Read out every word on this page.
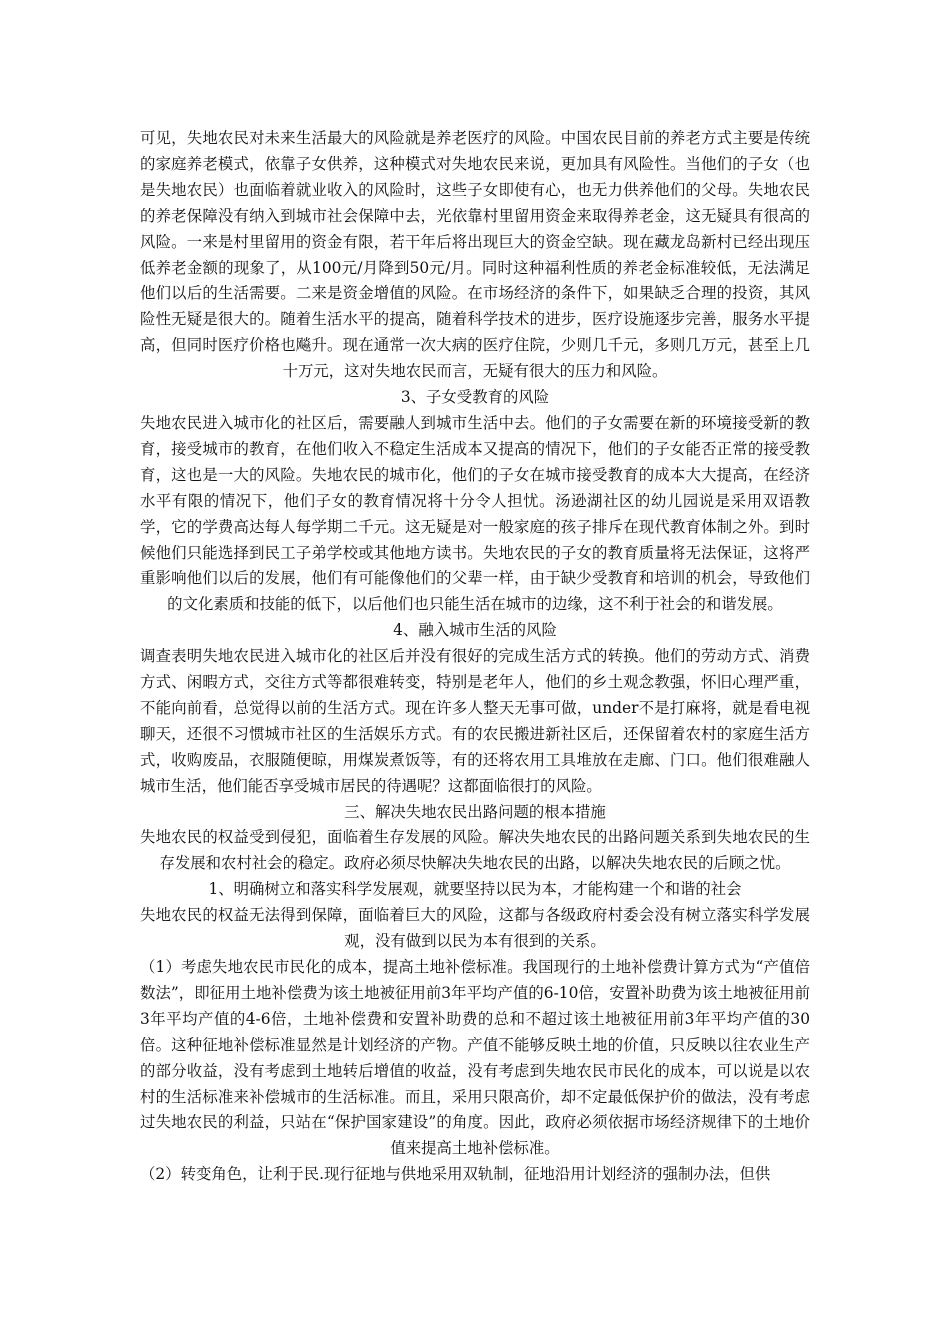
可见，失地农民对未来生活最大的风险就是养老医疗的风险。中国农民目前的养老方式主要是传统的家庭养老模式，依靠子女供养，这种模式对失地农民来说，更加具有风险性。当他们的子女（也是失地农民）也面临着就业收入的风险时，这些子女即使有心，也无力供养他们的父母。失地农民的养老保障没有纳入到城市社会保障中去，光依靠村里留用资金来取得养老金，这无疑具有很高的风险。一来是村里留用的资金有限，若干年后将出现巨大的资金空缺。现在藏龙岛新村已经出现压低养老金额的现象了，从100元/月降到50元/月。同时这种福利性质的养老金标准较低，无法满足他们以后的生活需要。二来是资金增值的风险。在市场经济的条件下，如果缺乏合理的投资，其风险性无疑是很大的。随着生活水平的提高，随着科学技术的进步，医疗设施逐步完善，服务水平提高，但同时医疗价格也飚升。现在通常一次大病的医疗住院，少则几千元，多则几万元，甚至上几十万元，这对失地农民而言，无疑有很大的压力和风险。

3、子女受教育的风险

失地农民进入城市化的社区后，需要融人到城市生活中去。他们的子女需要在新的环境接受新的教育，接受城市的教育，在他们收入不稳定生活成本又提高的情况下，他们的子女能否正常的接受教育，这也是一大的风险。失地农民的城市化，他们的子女在城市接受教育的成本大大提高，在经济水平有限的情况下，他们子女的教育情况将十分令人担忧。汤逊湖社区的幼儿园说是采用双语教学，它的学费高达每人每学期二千元。这无疑是对一般家庭的孩子排斥在现代教育体制之外。到时候他们只能选择到民工子弟学校或其他地方读书。失地农民的子女的教育质量将无法保证，这将严重影响他们以后的发展，他们有可能像他们的父辈一样，由于缺少受教育和培训的机会，导致他们的文化素质和技能的低下，以后他们也只能生活在城市的边缘，这不利于社会的和谐发展。

4、融入城市生活的风险

调查表明失地农民进入城市化的社区后并没有很好的完成生活方式的转换。他们的劳动方式、消费方式、闲暇方式，交往方式等都很难转变，特别是老年人，他们的乡土观念教强，怀旧心理严重，不能向前看，总觉得以前的生活方式。现在许多人整天无事可做，under不是打麻将，就是看电视聊天，还很不习惯城市社区的生活娱乐方式。有的农民搬进新社区后，还保留着农村的家庭生活方式，收购废品，衣服随便晾，用煤炭煮饭等，有的还将农用工具堆放在走廊、门口。他们很难融人城市生活，他们能否享受城市居民的待遇呢？这都面临很打的风险。

三、解决失地农民出路问题的根本措施

失地农民的权益受到侵犯，面临着生存发展的风险。解决失地农民的出路问题关系到失地农民的生存发展和农村社会的稳定。政府必须尽快解决失地农民的出路，以解决失地农民的后顾之忧。

1、明确树立和落实科学发展观，就要坚持以民为本，才能构建一个和谐的社会

失地农民的权益无法得到保障，面临着巨大的风险，这都与各级政府村委会没有树立落实科学发展观，没有做到以民为本有很到的关系。

（1）考虑失地农民市民化的成本，提高土地补偿标准。我国现行的土地补偿费计算方式为“产值倍数法”，即征用土地补偿费为该土地被征用前3年平均产值的6-10倍，安置补助费为该土地被征用前3年平均产值的4-6倍，土地补偿费和安置补助费的总和不超过该土地被征用前3年平均产值的30倍。这种征地补偿标准显然是计划经济的产物。产值不能够反映土地的价值，只反映以往农业生产的部分收益，没有考虑到土地转后增值的收益，没有考虑到失地农民市民化的成本，可以说是以农村的生活标准来补偿城市的生活标准。而且，采用只限高价，却不定最低保护价的做法，没有考虑过失地农民的利益，只站在“保护国家建设”的角度。因此，政府必须依据市场经济规律下的土地价值来提高土地补偿标准。

（2）转变角色，让利于民.现行征地与供地采用双轨制，征地沿用计划经济的强制办法，但供
